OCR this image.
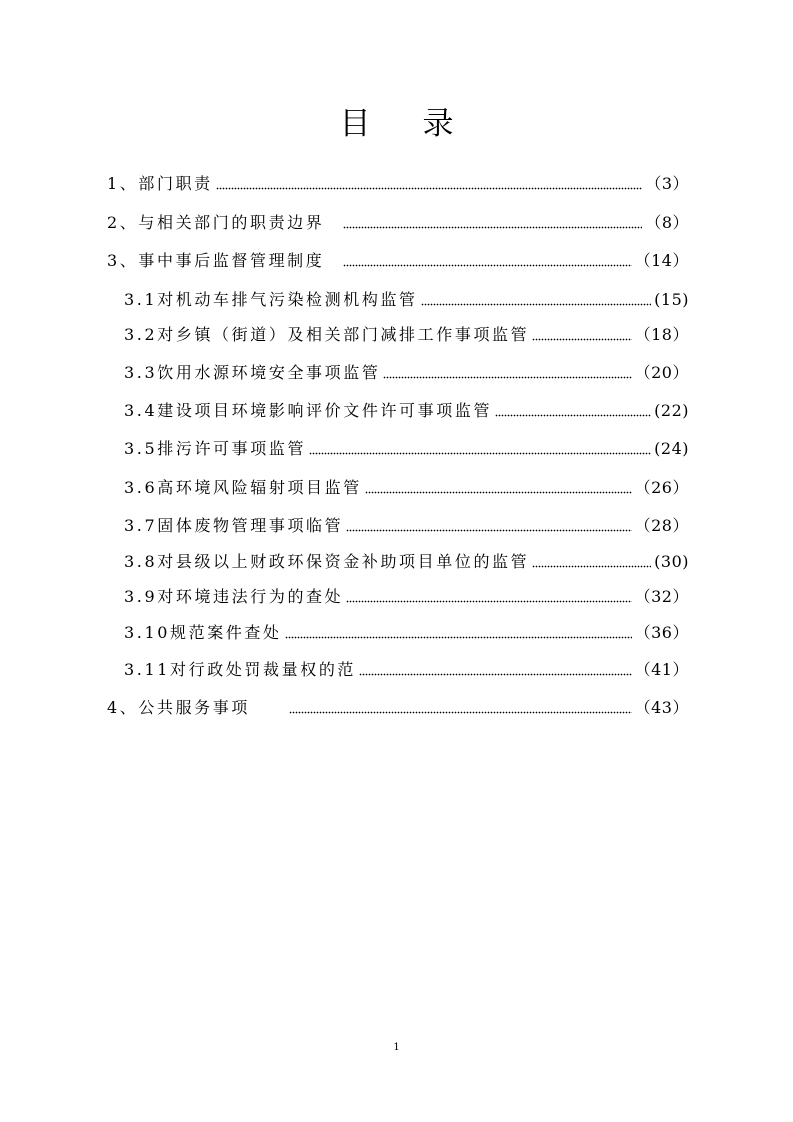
目 录
1、部门职责	（3）
2、与相关部门的职责边界	（8）
3、事中事后监督管理制度	（14）
3.1对机动车排气污染检测机构监管	(15)
3.2对乡镇（街道）及相关部门减排工作事项监管	（18）
3.3饮用水源环境安全事项监管	（20）
3.4建设项目环境影响评价文件许可事项监管	(22)
3.5排污许可事项监管	(24)
3.6高环境风险辐射项目监管	（26）
3.7固体废物管理事项临管	（28）
3.8对县级以上财政环保资金补助项目单位的监管	(30)
3.9对环境违法行为的查处	（32）
3.10规范案件查处	（36）
3.11对行政处罚裁量权的范	（41）
4、公共服务事项	（43）
1
